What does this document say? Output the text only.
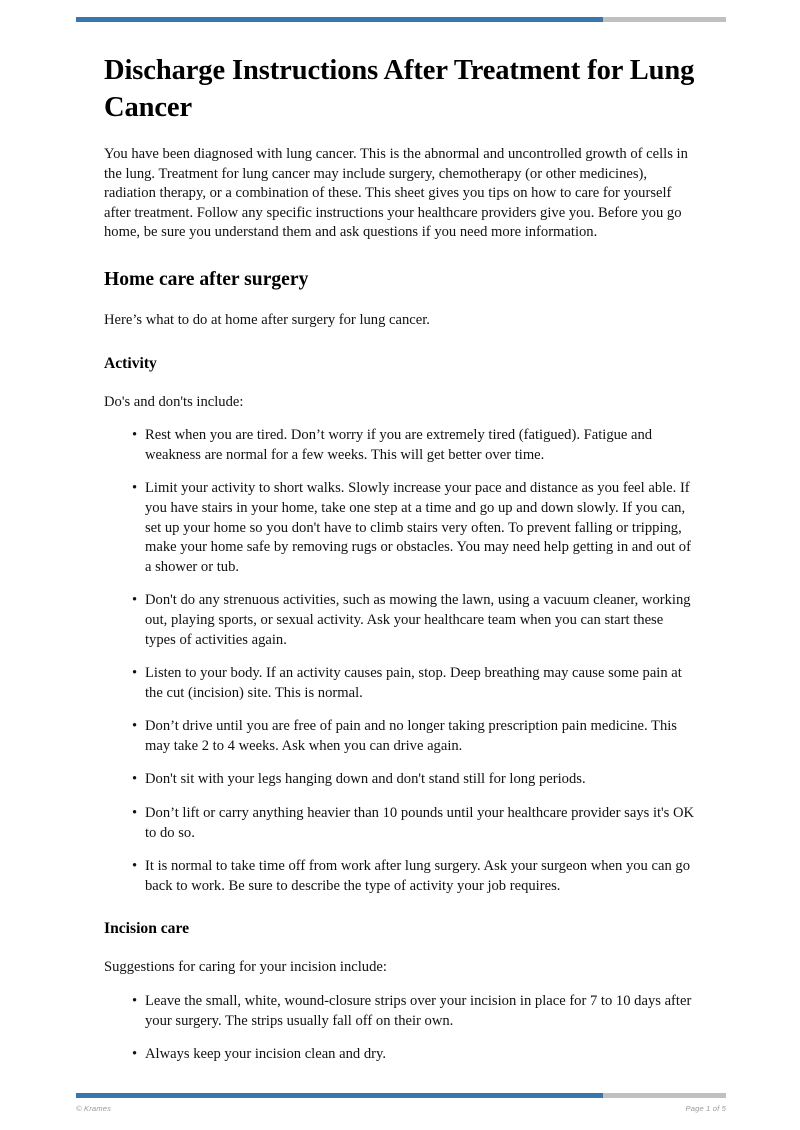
Discharge Instructions After Treatment for Lung Cancer

You have been diagnosed with lung cancer. This is the abnormal and uncontrolled growth of cells in the lung. Treatment for lung cancer may include surgery, chemotherapy (or other medicines), radiation therapy, or a combination of these. This sheet gives you tips on how to care for yourself after treatment. Follow any specific instructions your healthcare providers give you. Before you go home, be sure you understand them and ask questions if you need more information.

Home care after surgery

Here’s what to do at home after surgery for lung cancer.

Activity

Do's and don'ts include:

• Rest when you are tired. Don’t worry if you are extremely tired (fatigued). Fatigue and weakness are normal for a few weeks. This will get better over time.
• Limit your activity to short walks. Slowly increase your pace and distance as you feel able. If you have stairs in your home, take one step at a time and go up and down slowly. If you can, set up your home so you don't have to climb stairs very often. To prevent falling or tripping, make your home safe by removing rugs or obstacles. You may need help getting in and out of a shower or tub.
• Don't do any strenuous activities, such as mowing the lawn, using a vacuum cleaner, working out, playing sports, or sexual activity. Ask your healthcare team when you can start these types of activities again.
• Listen to your body. If an activity causes pain, stop. Deep breathing may cause some pain at the cut (incision) site. This is normal.
• Don’t drive until you are free of pain and no longer taking prescription pain medicine. This may take 2 to 4 weeks. Ask when you can drive again.
• Don't sit with your legs hanging down and don't stand still for long periods.
• Don’t lift or carry anything heavier than 10 pounds until your healthcare provider says it's OK to do so.
• It is normal to take time off from work after lung surgery. Ask your surgeon when you can go back to work. Be sure to describe the type of activity your job requires.
Incision care

Suggestions for caring for your incision include:

• Leave the small, white, wound-closure strips over your incision in place for 7 to 10 days after your surgery. The strips usually fall off on their own.
• Always keep your incision clean and dry.
© Krames	Page 1 of 5
